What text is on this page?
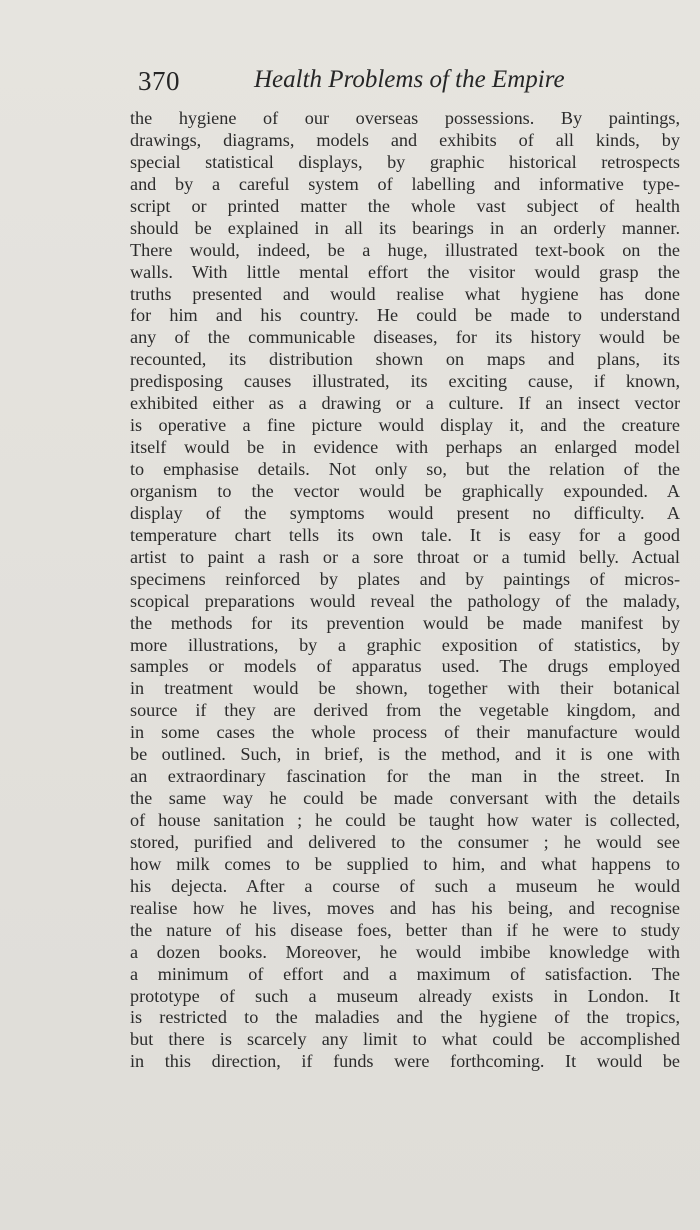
370	Health Problems of the Empire
the hygiene of our overseas possessions. By paintings,
drawings, diagrams, models and exhibits of all kinds, by
special statistical displays, by graphic historical retrospects
and by a careful system of labelling and informative type-
script or printed matter the whole vast subject of health
should be explained in all its bearings in an orderly manner.
There would, indeed, be a huge, illustrated text-book on the
walls. With little mental effort the visitor would grasp the
truths presented and would realise what hygiene has done
for him and his country. He could be made to understand
any of the communicable diseases, for its history would be
recounted, its distribution shown on maps and plans, its
predisposing causes illustrated, its exciting cause, if known,
exhibited either as a drawing or a culture. If an insect vector
is operative a fine picture would display it, and the creature
itself would be in evidence with perhaps an enlarged model
to emphasise details. Not only so, but the relation of the
organism to the vector would be graphically expounded. A
display of the symptoms would present no difficulty. A
temperature chart tells its own tale. It is easy for a good
artist to paint a rash or a sore throat or a tumid belly. Actual
specimens reinforced by plates and by paintings of micros-
scopical preparations would reveal the pathology of the malady,
the methods for its prevention would be made manifest by
more illustrations, by a graphic exposition of statistics, by
samples or models of apparatus used. The drugs employed
in treatment would be shown, together with their botanical
source if they are derived from the vegetable kingdom, and
in some cases the whole process of their manufacture would
be outlined. Such, in brief, is the method, and it is one with
an extraordinary fascination for the man in the street. In
the same way he could be made conversant with the details
of house sanitation ; he could be taught how water is collected,
stored, purified and delivered to the consumer ; he would see
how milk comes to be supplied to him, and what happens to
his dejecta. After a course of such a museum he would
realise how he lives, moves and has his being, and recognise
the nature of his disease foes, better than if he were to study
a dozen books. Moreover, he would imbibe knowledge with
a minimum of effort and a maximum of satisfaction. The
prototype of such a museum already exists in London. It
is restricted to the maladies and the hygiene of the tropics,
but there is scarcely any limit to what could be accomplished
in this direction, if funds were forthcoming. It would be
